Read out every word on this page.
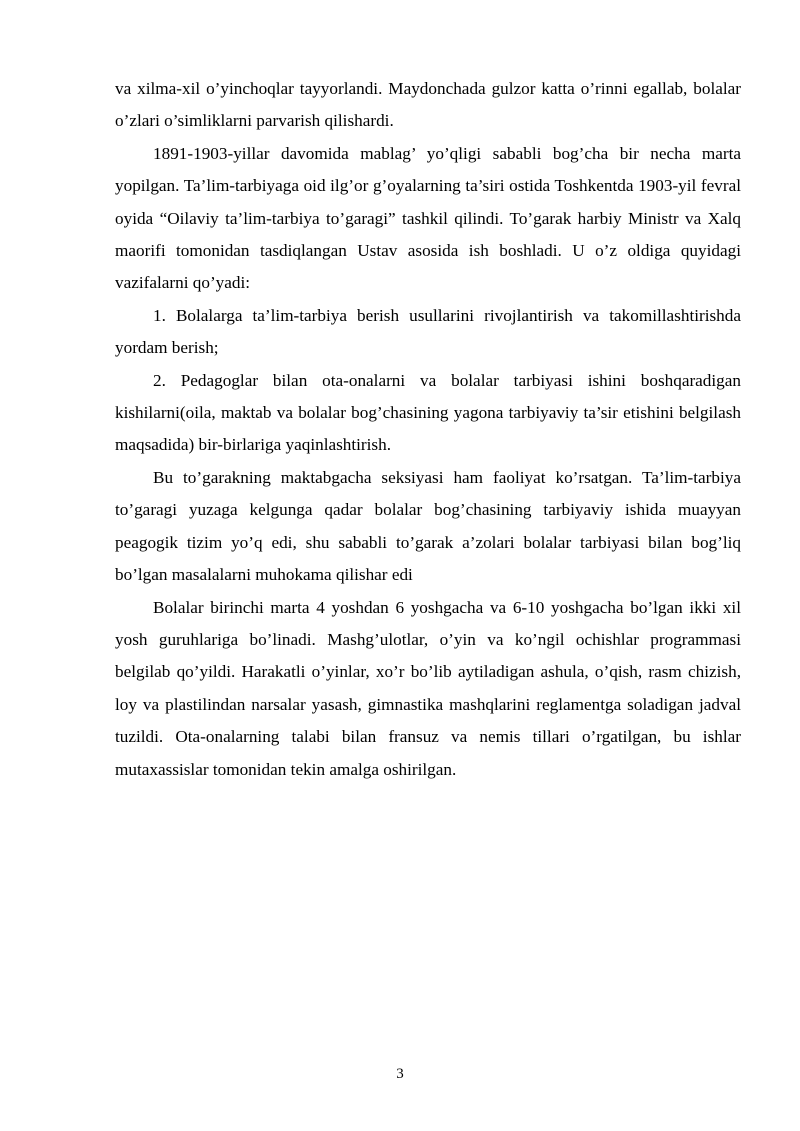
va xilma-xil o’yinchoqlar tayyorlandi. Maydonchada gulzor katta o’rinni egallab, bolalar o’zlari o’simliklarni parvarish qilishardi.

1891-1903-yillar davomida mablag’ yo’qligi sababli bog’cha bir necha marta yopilgan. Ta’lim-tarbiyaga oid ilg’or g’oyalarning ta’siri ostida Toshkentda 1903-yil fevral oyida “Oilaviy ta’lim-tarbiya to’garagi” tashkil qilindi. To’garak harbiy Ministr va Xalq maorifi tomonidan tasdiqlangan Ustav asosida ish boshladi. U o’z oldiga quyidagi vazifalarni qo’yadi:

1. Bolalarga ta’lim-tarbiya berish usullarini rivojlantirish va takomillashtirishda yordam berish;

2. Pedagoglar bilan ota-onalarni va bolalar tarbiyasi ishini boshqaradigan kishilarni(oila, maktab va bolalar bog’chasining yagona tarbiyaviy ta’sir etishini belgilash maqsadida) bir-birlariga yaqinlashtirish.

Bu to’garakning maktabgacha seksiyasi ham faoliyat ko’rsatgan. Ta’lim-tarbiya to’garagi yuzaga kelgunga qadar bolalar bog’chasining tarbiyaviy ishida muayyan peagogik tizim yo’q edi, shu sababli to’garak a’zolari bolalar tarbiyasi bilan bog’liq bo’lgan masalalarni muhokama qilishar edi

Bolalar birinchi marta 4 yoshdan 6 yoshgacha va 6-10 yoshgacha bo’lgan ikki xil yosh guruhlariga bo’linadi. Mashg’ulotlar, o’yin va ko’ngil ochishlar programmasi belgilab qo’yildi. Harakatli o’yinlar, xo’r bo’lib aytiladigan ashula, o’qish, rasm chizish, loy va plastilindan narsalar yasash, gimnastika mashqlarini reglamentga soladigan jadval tuzildi. Ota-onalarning talabi bilan fransuz va nemis tillari o’rgatilgan, bu ishlar mutaxassislar tomonidan tekin amalga oshirilgan.

3
